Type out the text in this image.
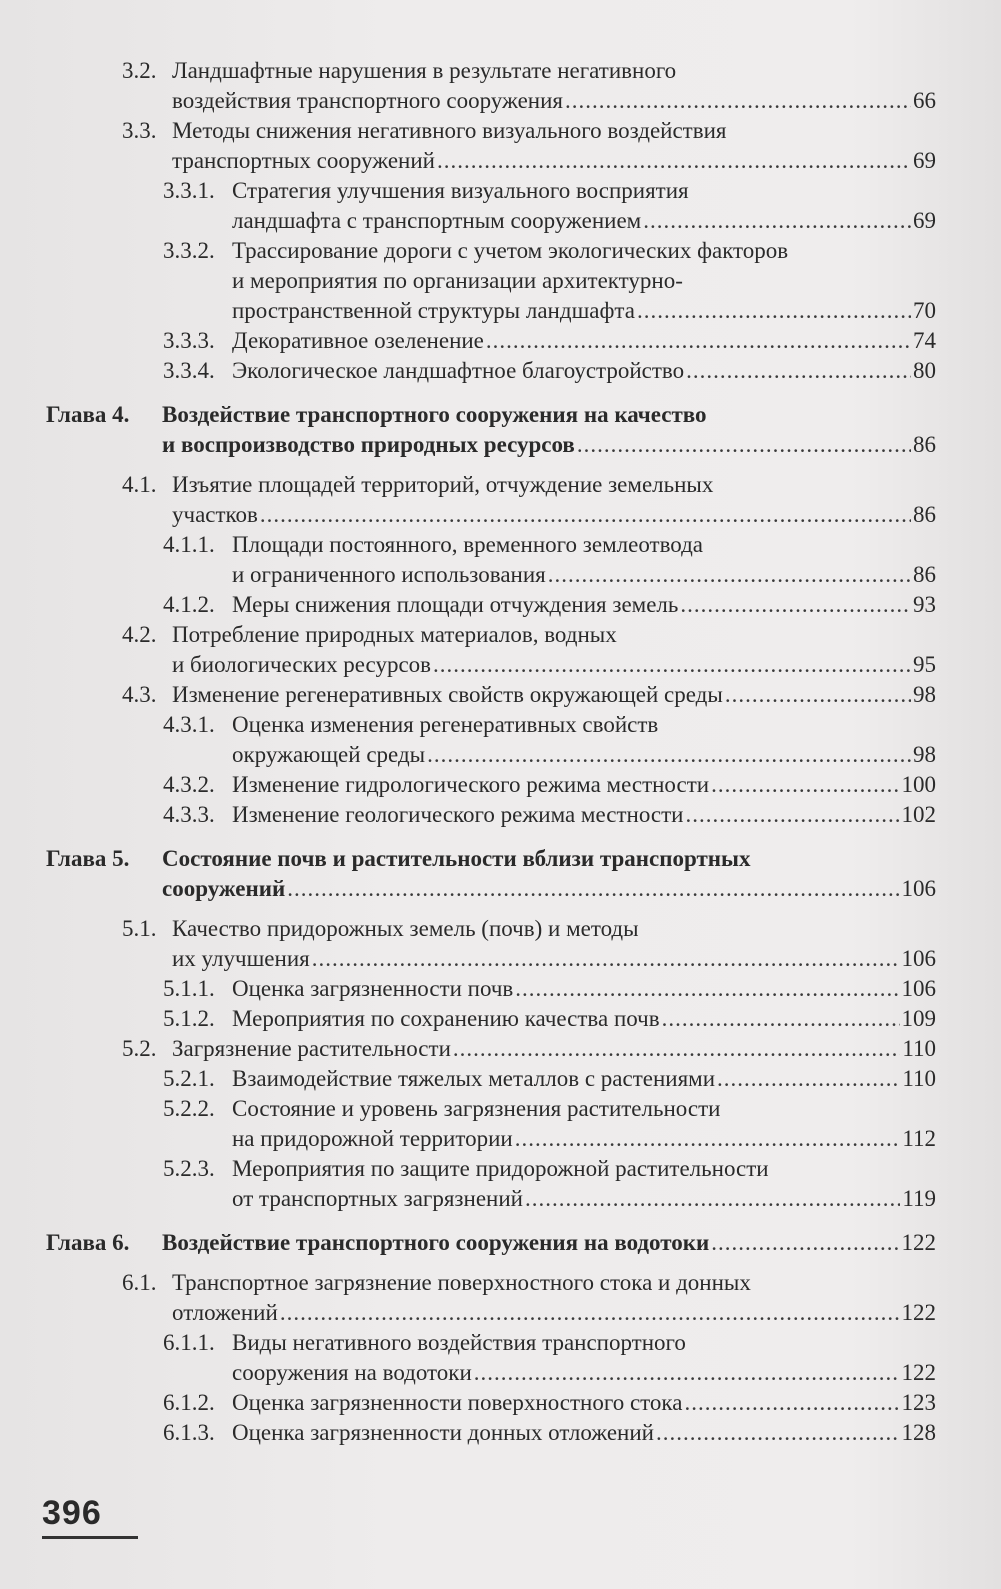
3.2. Ландшафтные нарушения в результате негативного
воздействия транспортного сооружения .....	66
3.3. Методы снижения негативного визуального воздействия
транспортных сооружений .....	69
3.3.1. Стратегия улучшения визуального восприятия
ландшафта с транспортным сооружением .....	69
3.3.2. Трассирование дороги с учетом экологических факторов
и мероприятия по организации архитектурно-
пространственной структуры ландшафта .....	70
3.3.3. Декоративное озеленение .....	74
3.3.4. Экологическое ландшафтное благоустройство .....	80
Глава 4. Воздействие транспортного сооружения на качество
и воспроизводство природных ресурсов .....	86
4.1. Изъятие площадей территорий, отчуждение земельных
участков .....	86
4.1.1. Площади постоянного, временного землеотвода
и ограниченного использования .....	86
4.1.2. Меры снижения площади отчуждения земель .....	93
4.2. Потребление природных материалов, водных
и биологических ресурсов .....	95
4.3. Изменение регенеративных свойств окружающей среды .....	98
4.3.1. Оценка изменения регенеративных свойств
окружающей среды .....	98
4.3.2. Изменение гидрологического режима местности .....	100
4.3.3. Изменение геологического режима местности .....	102
Глава 5. Состояние почв и растительности вблизи транспортных
сооружений .....	106
5.1. Качество придорожных земель (почв) и методы
их улучшения .....	106
5.1.1. Оценка загрязненности почв .....	106
5.1.2. Мероприятия по сохранению качества почв .....	109
5.2. Загрязнение растительности .....	110
5.2.1. Взаимодействие тяжелых металлов с растениями .....	110
5.2.2. Состояние и уровень загрязнения растительности
на придорожной территории .....	112
5.2.3. Мероприятия по защите придорожной растительности
от транспортных загрязнений .....	119
Глава 6. Воздействие транспортного сооружения на водотоки .....	122
6.1. Транспортное загрязнение поверхностного стока и донных
отложений .....	122
6.1.1. Виды негативного воздействия транспортного
сооружения на водотоки .....	122
6.1.2. Оценка загрязненности поверхностного стока .....	123
6.1.3. Оценка загрязненности донных отложений .....	128
396
